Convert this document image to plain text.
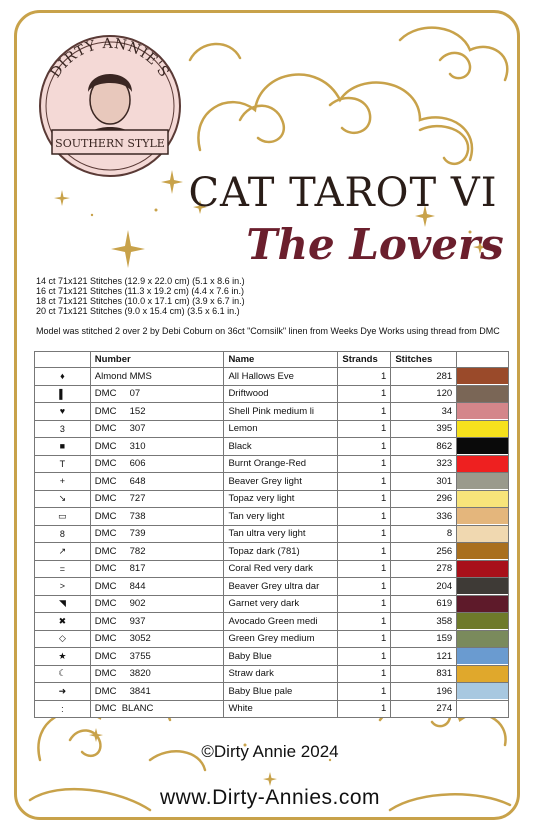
DIRTY ANNIE'S
SOUTHERN STYLE
CAT TAROT VI
The Lovers
14 ct 71x121 Stitches (12.9 x 22.0 cm) (5.1 x 8.6 in.)
16 ct 71x121 Stitches (11.3 x 19.2 cm) (4.4 x 7.6 in.)
18 ct 71x121 Stitches (10.0 x 17.1 cm) (3.9 x 6.7 in.)
20 ct 71x121 Stitches (9.0 x 15.4 cm) (3.5 x 6.1 in.)
Model was stitched 2 over 2 by Debi Coburn on 36ct "Cornsilk" linen from Weeks Dye Works using thread from DMC
	Number	Name	Strands	Stitches	
♦	Almond MMS	All Hallows Eve	1	281	

▌	DMC     07	Driftwood	1	120	

♥	DMC     152	Shell Pink medium li	1	34	

3	DMC     307	Lemon	1	395	

■	DMC     310	Black	1	862	

T	DMC     606	Burnt Orange-Red	1	323	

+	DMC     648	Beaver Grey light	1	301	

↘	DMC     727	Topaz very light	1	296	

▭	DMC     738	Tan very light	1	336	

8	DMC     739	Tan ultra very light	1	8	

↗	DMC     782	Topaz dark (781)	1	256	

=	DMC     817	Coral Red very dark	1	278	

>	DMC     844	Beaver Grey ultra dar	1	204	

◥	DMC     902	Garnet very dark	1	619	

✖	DMC     937	Avocado Green medi	1	358	

◇	DMC     3052	Green Grey medium	1	159	

★	DMC     3755	Baby Blue	1	121	

☾	DMC     3820	Straw dark	1	831	

➜	DMC     3841	Baby Blue pale	1	196	

:	DMC  BLANC	White	1	274	
©Dirty Annie 2024
www.Dirty-Annies.com
